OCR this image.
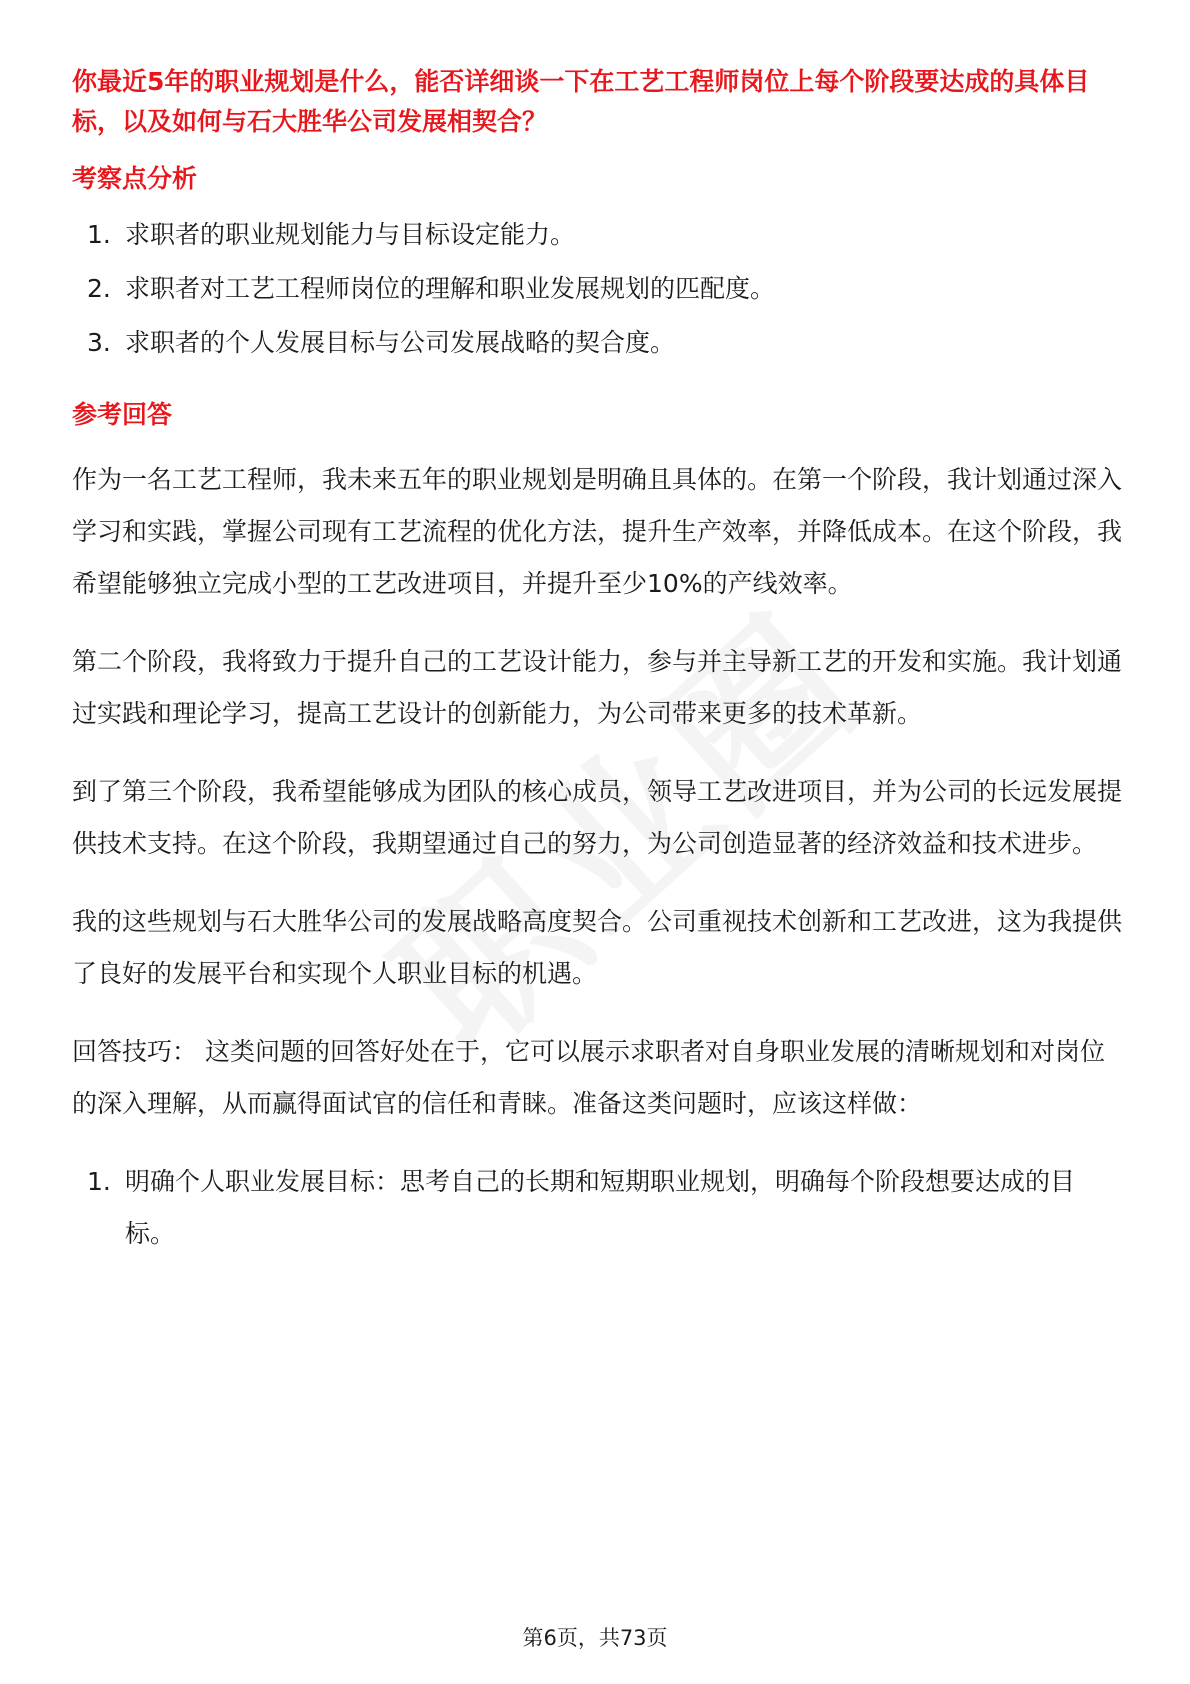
你最近5年的职业规划是什么，能否详细谈一下在工艺工程师岗位上每个阶段要达成的具体目标，以及如何与石大胜华公司发展相契合？

考察点分析
1. 求职者的职业规划能力与目标设定能力。
2. 求职者对工艺工程师岗位的理解和职业发展规划的匹配度。
3. 求职者的个人发展目标与公司发展战略的契合度。
参考回答

作为一名工艺工程师，我未来五年的职业规划是明确且具体的。在第一个阶段，我计划通过深入学习和实践，掌握公司现有工艺流程的优化方法，提升生产效率，并降低成本。在这个阶段，我希望能够独立完成小型的工艺改进项目，并提升至少10%的产线效率。

第二个阶段，我将致力于提升自己的工艺设计能力，参与并主导新工艺的开发和实施。我计划通过实践和理论学习，提高工艺设计的创新能力，为公司带来更多的技术革新。

到了第三个阶段，我希望能够成为团队的核心成员，领导工艺改进项目，并为公司的长远发展提供技术支持。在这个阶段，我期望通过自己的努力，为公司创造显著的经济效益和技术进步。

我的这些规划与石大胜华公司的发展战略高度契合。公司重视技术创新和工艺改进，这为我提供了良好的发展平台和实现个人职业目标的机遇。

回答技巧： 这类问题的回答好处在于，它可以展示求职者对自身职业发展的清晰规划和对岗位的深入理解，从而赢得面试官的信任和青睐。准备这类问题时，应该这样做：

1. 明确个人职业发展目标：思考自己的长期和短期职业规划，明确每个阶段想要达成的目标。
第6页，共73页
